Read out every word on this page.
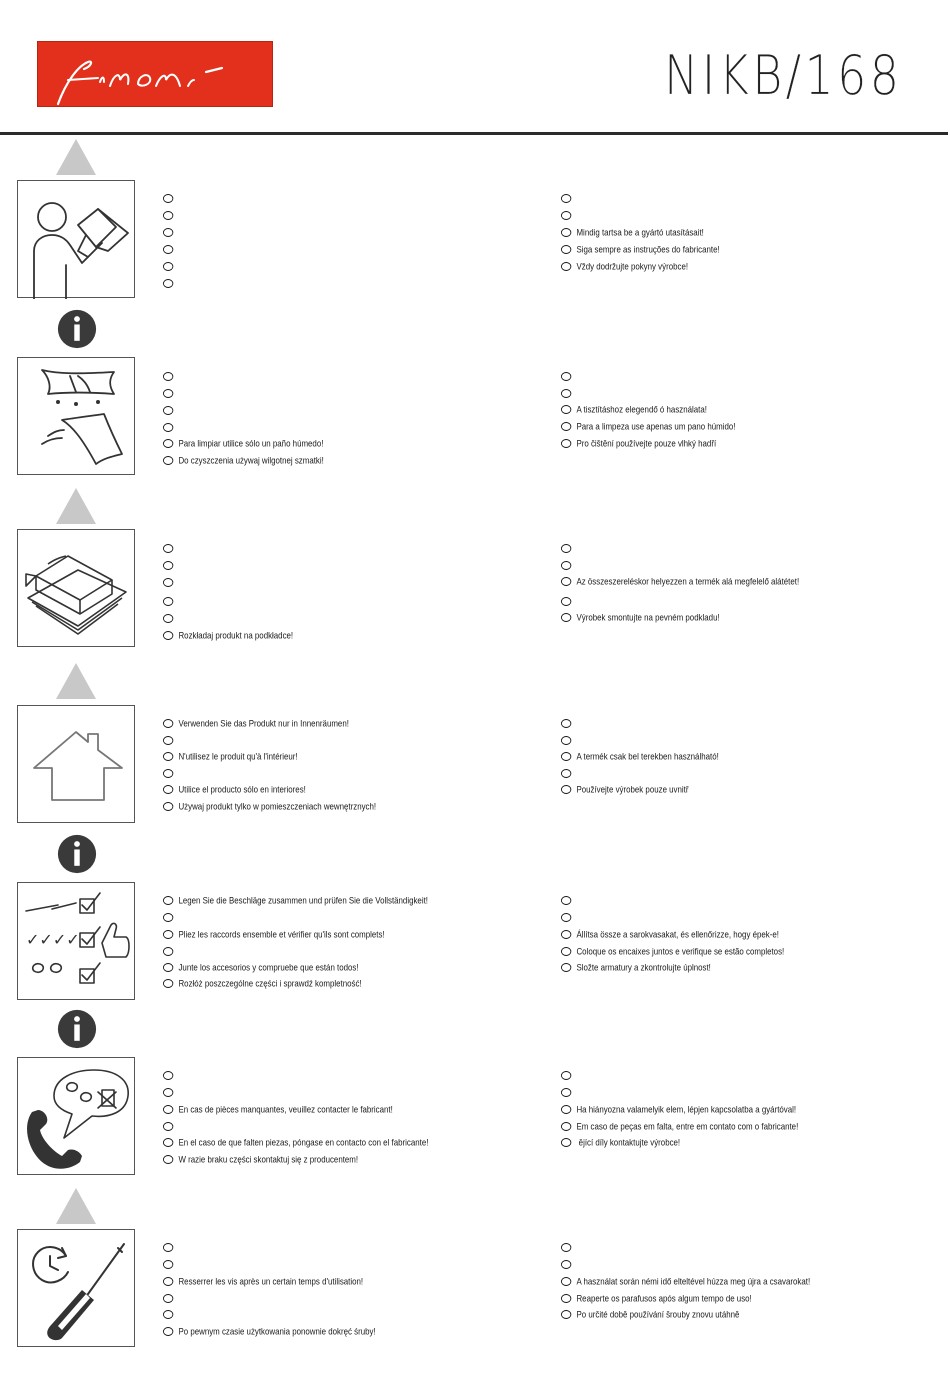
NIKB/168
Mindig tartsa be a gyártó utasításait!
Siga sempre as instruções do fabricante!
Vždy dodržujte pokyny výrobce!
Para limpiar utilice sólo un paño húmedo!
Do czyszczenia używaj wilgotnej szmatki!
A tisztításhoz elegendő ó használata!
Para a limpeza use apenas um pano húmido!
Pro čištění používejte pouze vlhký hadří
Rozkładaj produkt na podkładce!
Az összeszereléskor helyezzen a termék alá megfelelő alátétet!
Výrobek smontujte na pevném podkladu!
Verwenden Sie das Produkt nur in Innenräumen!
N'utilisez le produit qu'à l'intérieur!
Utilice el producto sólo en interiores!
Używaj produkt tylko w pomieszczeniach wewnętrznych!
A termék csak bel terekben használható!
Používejte výrobek pouze uvnitř
✓✓✓✓
Legen Sie die Beschläge zusammen und prüfen Sie die Vollständigkeit!
Pliez les raccords ensemble et vérifier qu'ils sont complets!
Junte los accesorios y compruebe que están todos!
Rozłóż poszczególne części i sprawdź kompletność!
Állítsa össze a sarokvasakat, és ellenőrizze, hogy épek-e!
Coloque os encaixes juntos e verifique se estão completos!
Složte armatury a zkontrolujte úplnost!
En cas de pièces manquantes, veuillez contacter le fabricant!
En el caso de que falten piezas, póngase en contacto con el fabricante!
W razie braku części skontaktuj się z producentem!
Ha hiányozna valamelyik elem, lépjen kapcsolatba a gyártóval!
Em caso de peças em falta, entre em contato com o fabricante!
ějící díly kontaktujte výrobce!
Resserrer les vis après un certain temps d'utilisation!
Po pewnym czasie użytkowania ponownie dokręć śruby!
A használat során némi idő elteltével húzza meg újra a csavarokat!
Reaperte os parafusos após algum tempo de uso!
Po určité době používání šrouby znovu utáhně
